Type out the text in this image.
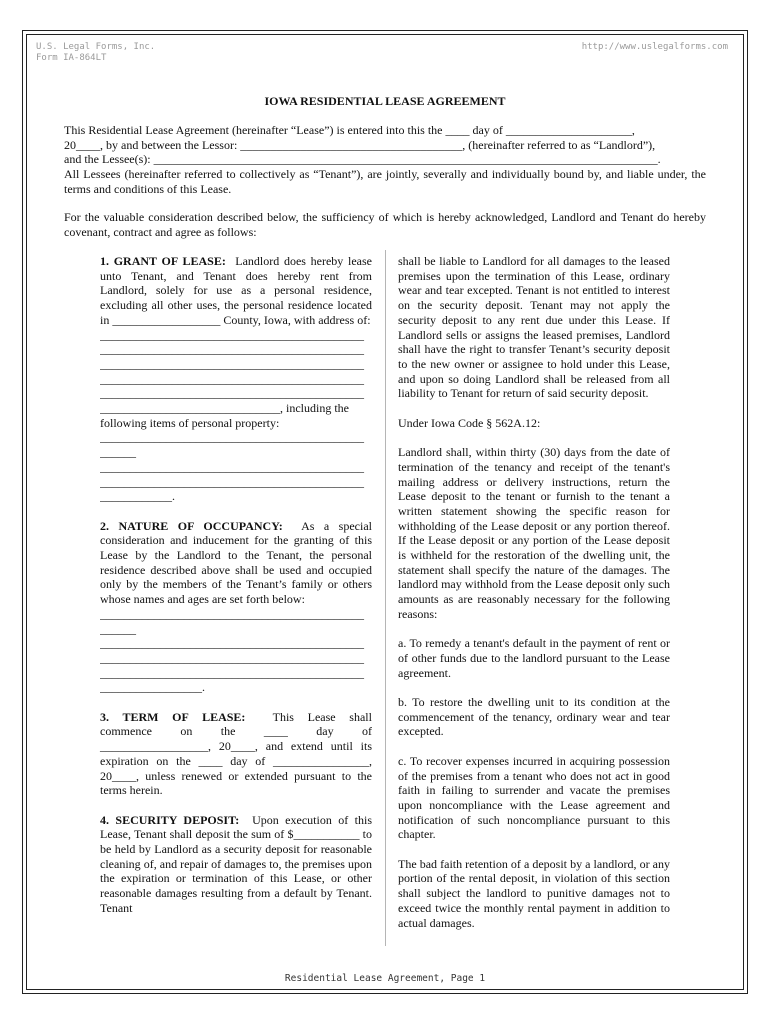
U.S. Legal Forms, Inc.
Form IA-864LT
http://www.uslegalforms.com
IOWA RESIDENTIAL LEASE AGREEMENT
This Residential Lease Agreement (hereinafter “Lease”) is entered into this the ____ day of _____________________,
20____, by and between the Lessor: _____________________________________, (hereinafter referred to as “Landlord”),
and the Lessee(s): ____________________________________________________________________________________.
All Lessees (hereinafter referred to collectively as “Tenant”), are jointly, severally and individually bound by, and liable under, the terms and conditions of this Lease.

For the valuable consideration described below, the sufficiency of which is hereby acknowledged, Landlord and Tenant do hereby covenant, contract and agree as follows:

1. GRANT OF LEASE: Landlord does hereby lease unto Tenant, and Tenant does hereby rent from Landlord, solely for use as a personal residence, excluding all other uses, the personal residence located in __________________ County, Iowa, with address of:

____________________________________________

____________________________________________

____________________________________________

____________________________________________

____________________________________________

______________________________, including the

following items of personal property:

____________________________________________

______

____________________________________________

____________________________________________

____________.

2. NATURE OF OCCUPANCY: As a special consideration and inducement for the granting of this Lease by the Landlord to the Tenant, the personal residence described above shall be used and occupied only by the members of the Tenant’s family or others whose names and ages are set forth below:

____________________________________________

______

____________________________________________

____________________________________________

____________________________________________

_________________.

3. TERM OF LEASE: This Lease shall

commence on the ____ day of

__________________, 20____, and extend until its expiration on the ____ day of ________________, 20____, unless renewed or extended pursuant to the terms herein.

4. SECURITY DEPOSIT: Upon execution of this Lease, Tenant shall deposit the sum of $___________ to be held by Landlord as a security deposit for reasonable cleaning of, and repair of damages to, the premises upon the expiration or termination of this Lease, or other reasonable damages resulting from a default by Tenant. Tenant

shall be liable to Landlord for all damages to the leased premises upon the termination of this Lease, ordinary wear and tear excepted. Tenant is not entitled to interest on the security deposit. Tenant may not apply the security deposit to any rent due under this Lease. If Landlord sells or assigns the leased premises, Landlord shall have the right to transfer Tenant’s security deposit to the new owner or assignee to hold under this Lease, and upon so doing Landlord shall be released from all liability to Tenant for return of said security deposit.

Under Iowa Code § 562A.12:

Landlord shall, within thirty (30) days from the date of termination of the tenancy and receipt of the tenant's mailing address or delivery instructions, return the Lease deposit to the tenant or furnish to the tenant a written statement showing the specific reason for withholding of the Lease deposit or any portion thereof. If the Lease deposit or any portion of the Lease deposit is withheld for the restoration of the dwelling unit, the statement shall specify the nature of the damages. The landlord may withhold from the Lease deposit only such amounts as are reasonably necessary for the following reasons:

a. To remedy a tenant's default in the payment of rent or of other funds due to the landlord pursuant to the Lease agreement.

b. To restore the dwelling unit to its condition at the commencement of the tenancy, ordinary wear and tear excepted.

c. To recover expenses incurred in acquiring possession of the premises from a tenant who does not act in good faith in failing to surrender and vacate the premises upon noncompliance with the Lease agreement and notification of such noncompliance pursuant to this chapter.

The bad faith retention of a deposit by a landlord, or any portion of the rental deposit, in violation of this section shall subject the landlord to punitive damages not to exceed twice the monthly rental payment in addition to actual damages.

Residential Lease Agreement, Page 1
